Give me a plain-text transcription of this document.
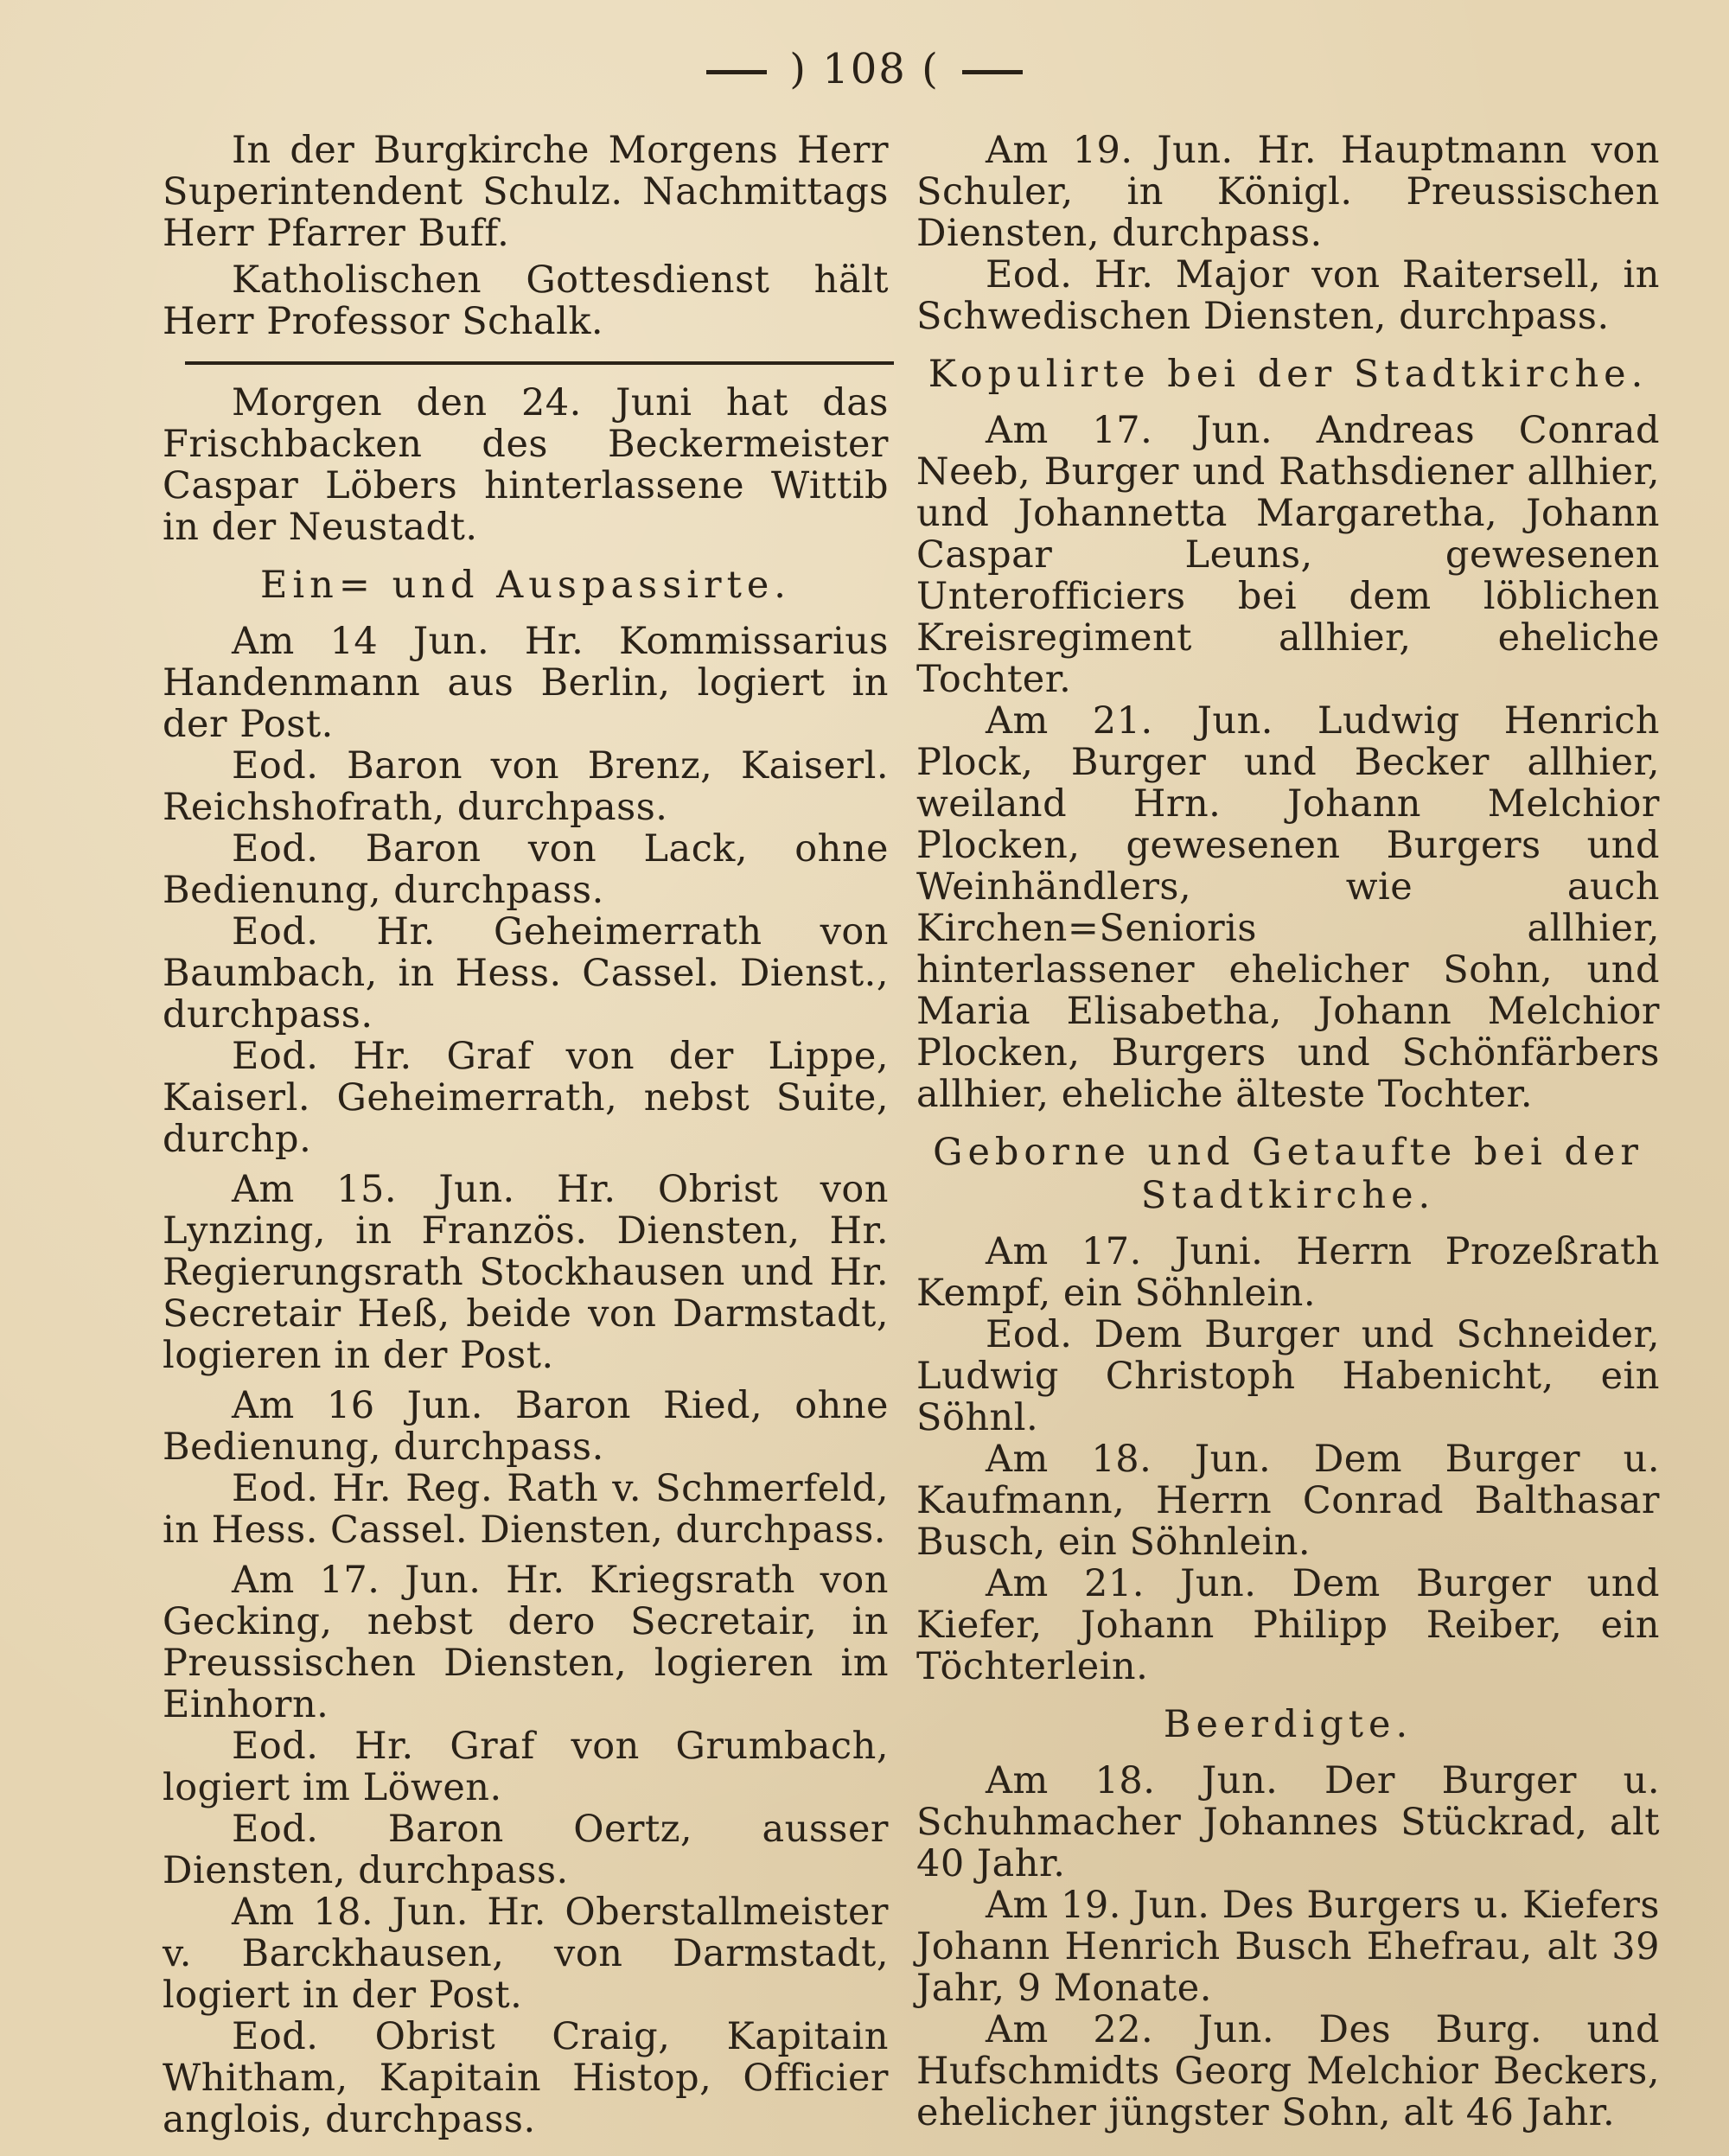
) 108 (

In der Burgkirche Morgens Herr Superintendent Schulz. Nachmittags Herr Pfarrer Buff.

Katholischen Gottesdienst hält Herr Professor Schalk.

Morgen den 24. Juni hat das Frischbacken des Beckermeister Caspar Löbers hinterlassene Wittib in der Neustadt.

Ein= und Auspassirte.

Am 14 Jun. Hr. Kommissarius Handenmann aus Berlin, logiert in der Post.

Eod. Baron von Brenz, Kaiserl. Reichshofrath, durchpass.

Eod. Baron von Lack, ohne Bedienung, durchpass.

Eod. Hr. Geheimerrath von Baumbach, in Hess. Cassel. Dienst., durchpass.

Eod. Hr. Graf von der Lippe, Kaiserl. Geheimerrath, nebst Suite, durchp.

Am 15. Jun. Hr. Obrist von Lynzing, in Französ. Diensten, Hr. Regierungsrath Stockhausen und Hr. Secretair Heß, beide von Darmstadt, logieren in der Post.

Am 16 Jun. Baron Ried, ohne Bedienung, durchpass.

Eod. Hr. Reg. Rath v. Schmerfeld, in Hess. Cassel. Diensten, durchpass.

Am 17. Jun. Hr. Kriegsrath von Gecking, nebst dero Secretair, in Preussischen Diensten, logieren im Einhorn.

Eod. Hr. Graf von Grumbach, logiert im Löwen.

Eod. Baron Oertz, ausser Diensten, durchpass.

Am 18. Jun. Hr. Oberstallmeister v. Barckhausen, von Darmstadt, logiert in der Post.

Eod. Obrist Craig, Kapitain Whitham, Kapitain Histop, Officier anglois, durchpass.

Am 19. Jun. Hr. Hauptmann von Schuler, in Königl. Preussischen Diensten, durchpass.

Eod. Hr. Major von Raitersell, in Schwedischen Diensten, durchpass.

Kopulirte bei der Stadtkirche.

Am 17. Jun. Andreas Conrad Neeb, Burger und Rathsdiener allhier, und Johannetta Margaretha, Johann Caspar Leuns, gewesenen Unterofficiers bei dem löblichen Kreisregiment allhier, eheliche Tochter.

Am 21. Jun. Ludwig Henrich Plock, Burger und Becker allhier, weiland Hrn. Johann Melchior Plocken, gewesenen Burgers und Weinhändlers, wie auch Kirchen=Senioris allhier, hinterlassener ehelicher Sohn, und Maria Elisabetha, Johann Melchior Plocken, Burgers und Schönfärbers allhier, eheliche älteste Tochter.

Geborne und Getaufte bei der Stadtkirche.

Am 17. Juni. Herrn Prozeßrath Kempf, ein Söhnlein.

Eod. Dem Burger und Schneider, Ludwig Christoph Habenicht, ein Söhnl.

Am 18. Jun. Dem Burger u. Kaufmann, Herrn Conrad Balthasar Busch, ein Söhnlein.

Am 21. Jun. Dem Burger und Kiefer, Johann Philipp Reiber, ein Töchterlein.

Beerdigte.

Am 18. Jun. Der Burger u. Schuhmacher Johannes Stückrad, alt 40 Jahr.

Am 19. Jun. Des Burgers u. Kiefers Johann Henrich Busch Ehefrau, alt 39 Jahr, 9 Monate.

Am 22. Jun. Des Burg. und Hufschmidts Georg Melchior Beckers, ehelicher jüngster Sohn, alt 46 Jahr.
